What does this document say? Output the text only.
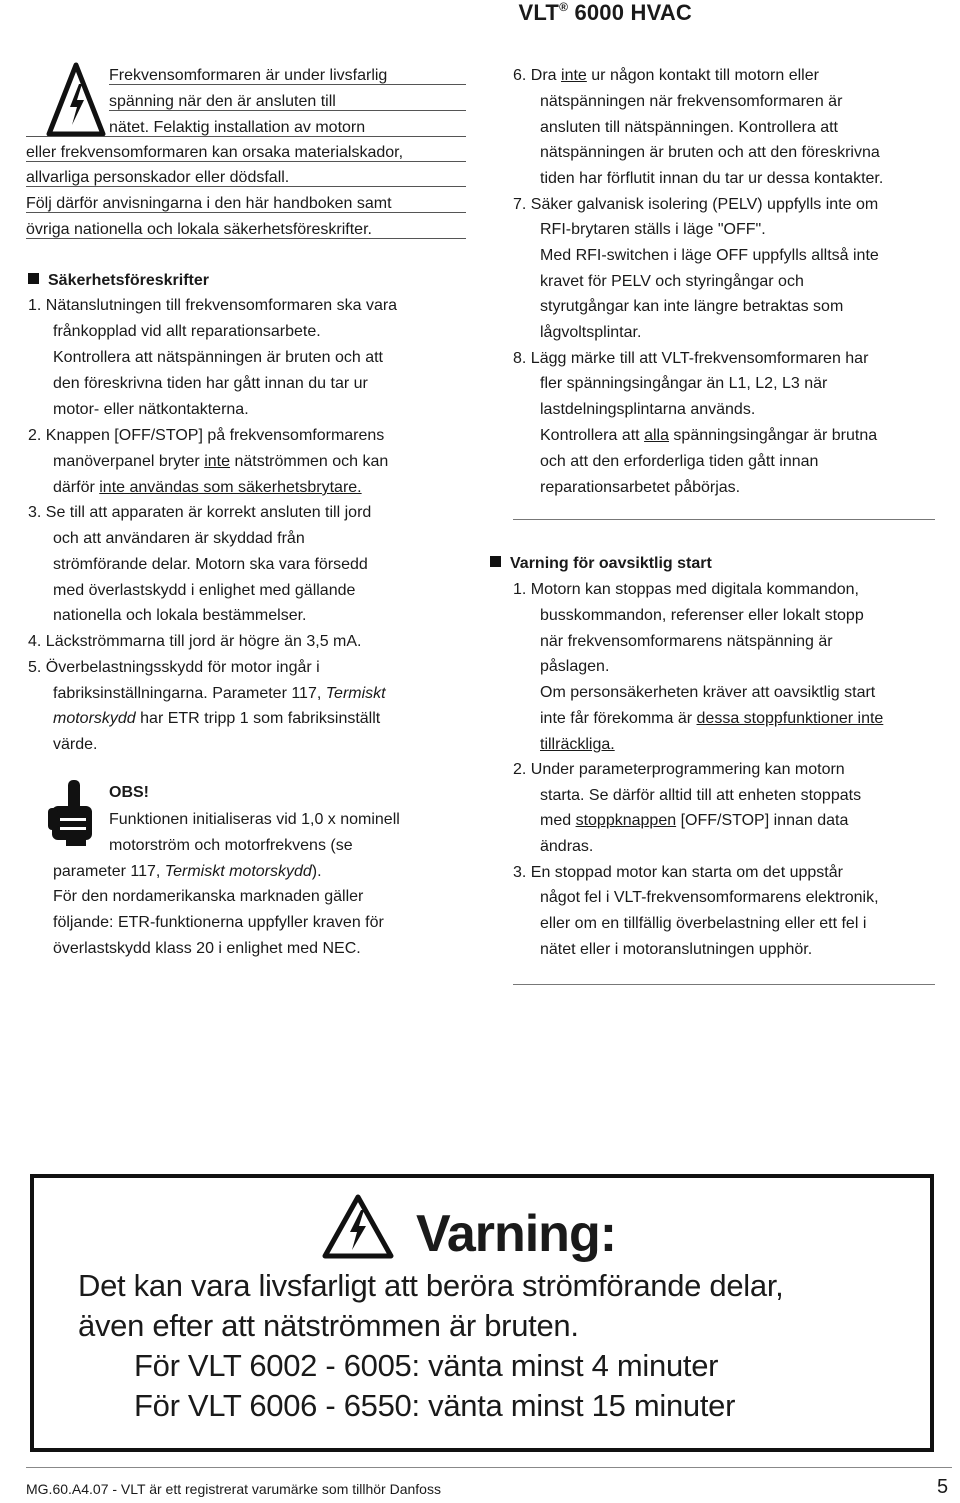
VLT® 6000 HVAC
Frekvensomformaren är under livsfarlig
spänning när den är ansluten till
nätet. Felaktig installation av motorn
eller frekvensomformaren kan orsaka materialskador,
allvarliga personskador eller dödsfall.
Följ därför anvisningarna i den här handboken samt
övriga nationella och lokala säkerhetsföreskrifter.
Säkerhetsföreskrifter
1. Nätanslutningen till frekvensomformaren ska vara
frånkopplad vid allt reparationsarbete.
Kontrollera att nätspänningen är bruten och att
den föreskrivna tiden har gått innan du tar ur
motor- eller nätkontakterna.
2. Knappen [OFF/STOP] på frekvensomformarens
manöverpanel bryter inte nätströmmen och kan
därför inte användas som säkerhetsbrytare.
3. Se till att apparaten är korrekt ansluten till jord
och att användaren är skyddad från
strömförande delar. Motorn ska vara försedd
med överlastskydd i enlighet med gällande
nationella och lokala bestämmelser.
4. Läckströmmarna till jord är högre än 3,5 mA.
5. Överbelastningsskydd för motor ingår i
fabriksinställningarna. Parameter 117, Termiskt
motorskydd har ETR tripp 1 som fabriksinställt
värde.
OBS!
Funktionen initialiseras vid 1,0 x nominell
motorström och motorfrekvens (se
parameter 117, Termiskt motorskydd).
För den nordamerikanska marknaden gäller
följande: ETR-funktionerna uppfyller kraven för
överlastskydd klass 20 i enlighet med NEC.
6. Dra inte ur någon kontakt till motorn eller
nätspänningen när frekvensomformaren är
ansluten till nätspänningen. Kontrollera att
nätspänningen är bruten och att den föreskrivna
tiden har förflutit innan du tar ur dessa kontakter.
7. Säker galvanisk isolering (PELV) uppfylls inte om
RFI-brytaren ställs i läge "OFF".
Med RFI-switchen i läge OFF uppfylls alltså inte
kravet för PELV och styringångar och
styrutgångar kan inte längre betraktas som
lågvoltsplintar.
8. Lägg märke till att VLT-frekvensomformaren har
fler spänningsingångar än L1, L2, L3 när
lastdelningsplintarna används.
Kontrollera att alla spänningsingångar är brutna
och att den erforderliga tiden gått innan
reparationsarbetet påbörjas.
Varning för oavsiktlig start
1. Motorn kan stoppas med digitala kommandon,
busskommandon, referenser eller lokalt stopp
när frekvensomformarens nätspänning är
påslagen.
Om personsäkerheten kräver att oavsiktlig start
inte får förekomma är dessa stoppfunktioner inte
tillräckliga.
2. Under parameterprogrammering kan motorn
starta. Se därför alltid till att enheten stoppats
med stoppknappen [OFF/STOP] innan data
ändras.
3. En stoppad motor kan starta om det uppstår
något fel i VLT-frekvensomformarens elektronik,
eller om en tillfällig överbelastning eller ett fel i
nätet eller i motoranslutningen upphör.
Varning:
Det kan vara livsfarligt att beröra strömförande delar,
även efter att nätströmmen är bruten.
För VLT 6002 - 6005: vänta minst 4 minuter
För VLT 6006 - 6550: vänta minst 15 minuter
MG.60.A4.07 - VLT är ett registrerat varumärke som tillhör Danfoss	5
